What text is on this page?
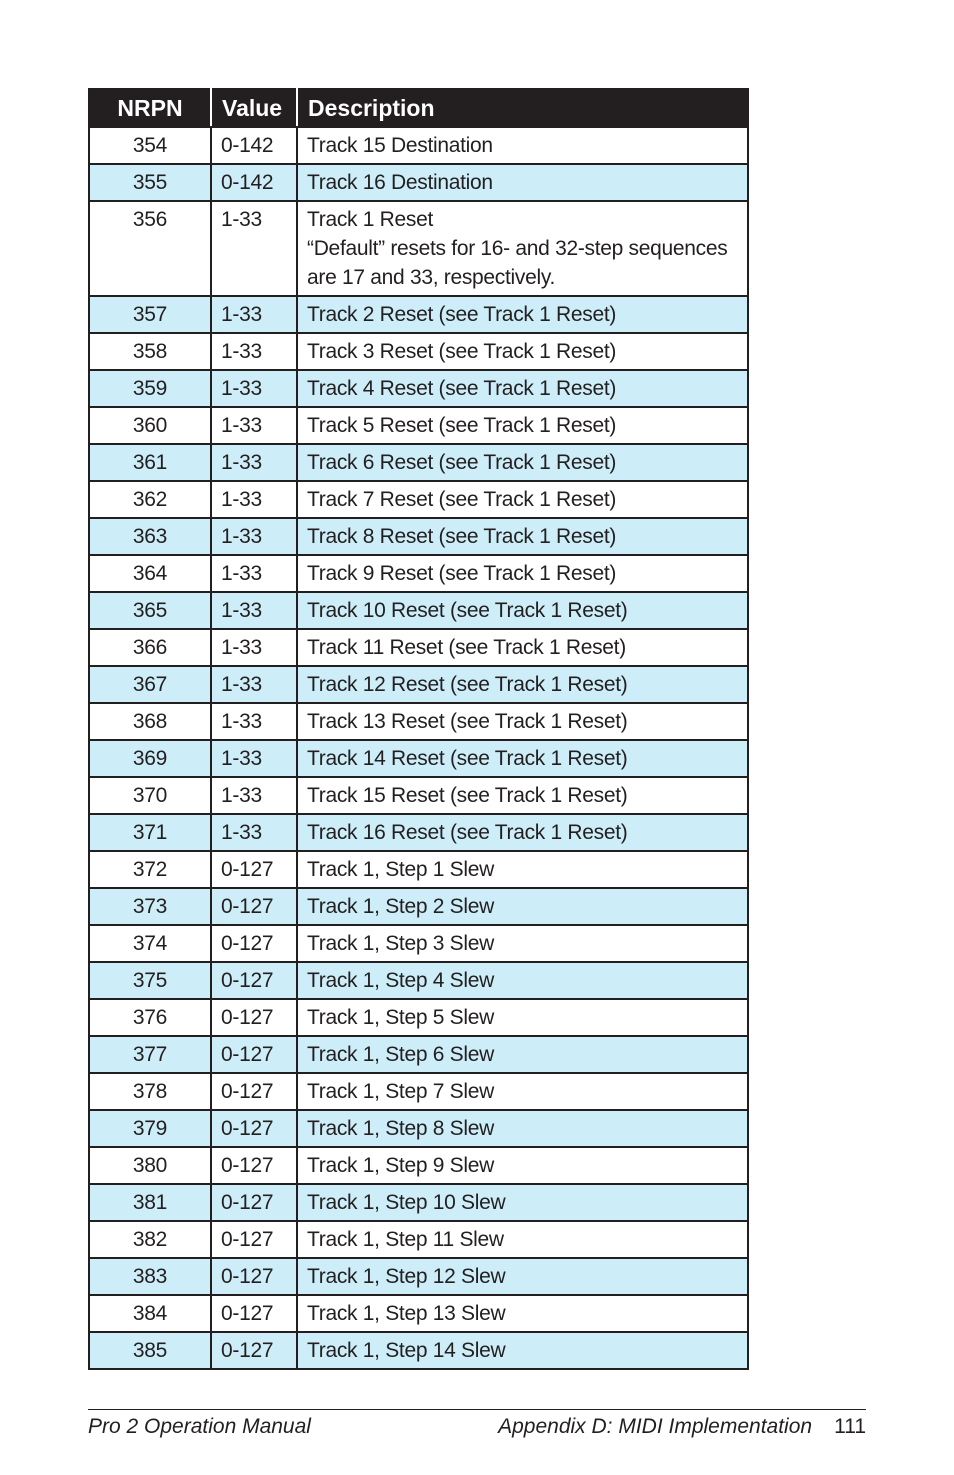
NRPN	Value	Description
354	0-142	Track 15 Destination

355	0-142	Track 16 Destination

356	1-33	Track 1 Reset
“Default” resets for 16- and 32-step sequences
are 17 and 33, respectively.

357	1-33	Track 2 Reset (see Track 1 Reset)

358	1-33	Track 3 Reset (see Track 1 Reset)

359	1-33	Track 4 Reset (see Track 1 Reset)

360	1-33	Track 5 Reset (see Track 1 Reset)

361	1-33	Track 6 Reset (see Track 1 Reset)

362	1-33	Track 7 Reset (see Track 1 Reset)

363	1-33	Track 8 Reset (see Track 1 Reset)

364	1-33	Track 9 Reset (see Track 1 Reset)

365	1-33	Track 10 Reset (see Track 1 Reset)

366	1-33	Track 11 Reset (see Track 1 Reset)

367	1-33	Track 12 Reset (see Track 1 Reset)

368	1-33	Track 13 Reset (see Track 1 Reset)

369	1-33	Track 14 Reset (see Track 1 Reset)

370	1-33	Track 15 Reset (see Track 1 Reset)

371	1-33	Track 16 Reset (see Track 1 Reset)

372	0-127	Track 1, Step 1 Slew

373	0-127	Track 1, Step 2 Slew

374	0-127	Track 1, Step 3 Slew

375	0-127	Track 1, Step 4 Slew

376	0-127	Track 1, Step 5 Slew

377	0-127	Track 1, Step 6 Slew

378	0-127	Track 1, Step 7 Slew

379	0-127	Track 1, Step 8 Slew

380	0-127	Track 1, Step 9 Slew

381	0-127	Track 1, Step 10 Slew

382	0-127	Track 1, Step 11 Slew

383	0-127	Track 1, Step 12 Slew

384	0-127	Track 1, Step 13 Slew

385	0-127	Track 1, Step 14 Slew
Pro 2 Operation Manual	Appendix D: MIDI Implementation 111
